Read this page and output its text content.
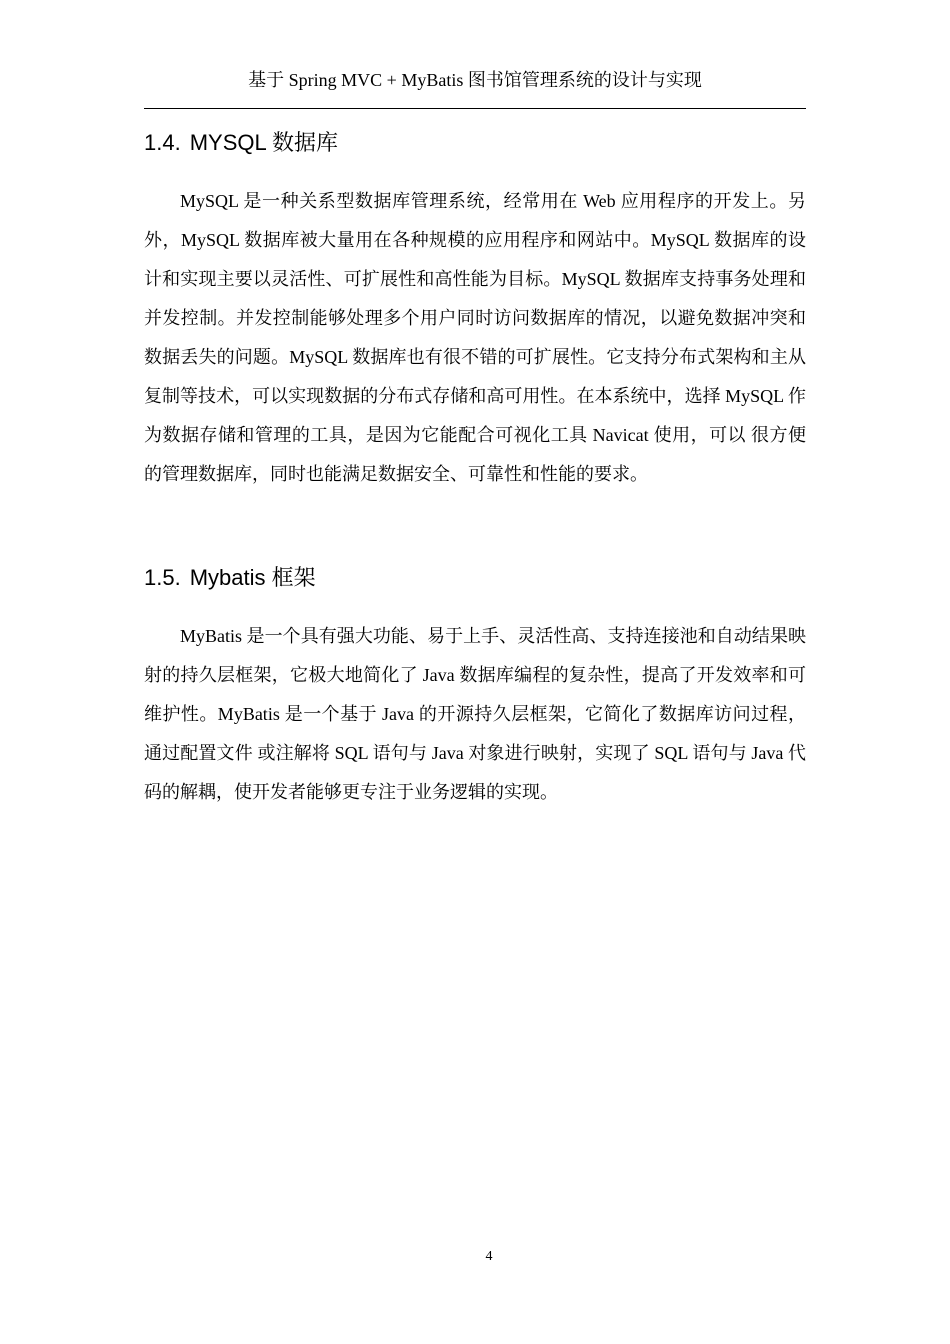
基于 Spring MVC + MyBatis 图书馆管理系统的设计与实现
1.4. MYSQL 数据库

MySQL 是一种关系型数据库管理系统，经常用在 Web 应用程序的开发上。另外，MySQL 数据库被大量用在各种规模的应用程序和网站中。MySQL 数据库的设计和实现主要以灵活性、可扩展性和高性能为目标。MySQL 数据库支持事务处理和并发控制。并发控制能够处理多个用户同时访问数据库的情况，以避免数据冲突和数据丢失的问题。MySQL 数据库也有很不错的可扩展性。它支持分布式架构和主从复制等技术，可以实现数据的分布式存储和高可用性。在本系统中，选择 MySQL 作为数据存储和管理的工具，是因为它能配合可视化工具 Navicat 使用，可以 很方便的管理数据库，同时也能满足数据安全、可靠性和性能的要求。

1.5. Mybatis 框架

MyBatis 是一个具有强大功能、易于上手、灵活性高、支持连接池和自动结果映射的持久层框架，它极大地简化了 Java 数据库编程的复杂性，提高了开发效率和可维护性。MyBatis 是一个基于 Java 的开源持久层框架，它简化了数据库访问过程，通过配置文件 或注解将 SQL 语句与 Java 对象进行映射，实现了 SQL 语句与 Java 代码的解耦，使开发者能够更专注于业务逻辑的实现。

4
